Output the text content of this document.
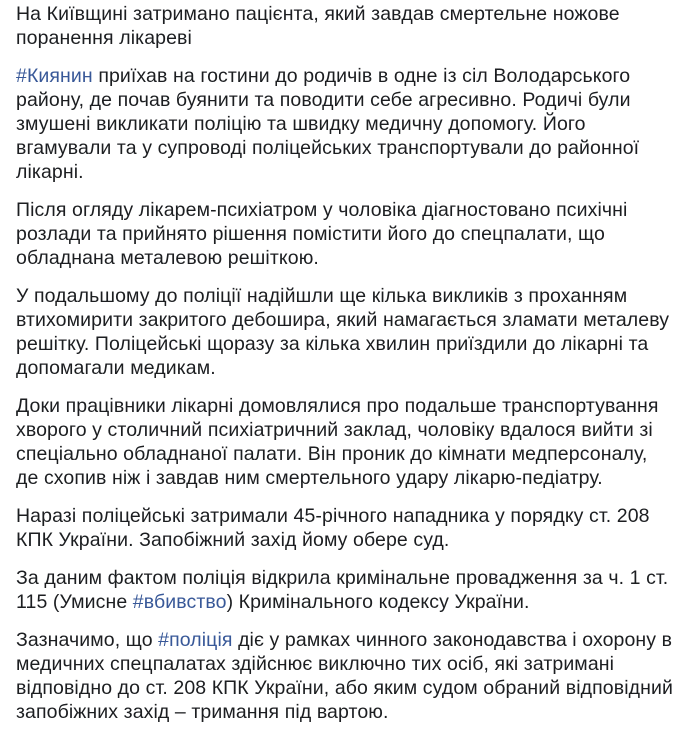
На Київщині затримано пацієнта, який завдав смертельне ножове поранення лікареві

#Киянин приїхав на гостини до родичів в одне із сіл Володарського району, де почав буянити та поводити себе агресивно. Родичі були змушені викликати поліцію та швидку медичну допомогу. Його вгамували та у супроводі поліцейських транспортували до районної лікарні.

Після огляду лікарем-психіатром у чоловіка діагностовано психічні розлади та прийнято рішення помістити його до спецпалати, що обладнана металевою решіткою.

У подальшому до поліції надійшли ще кілька викликів з проханням втихомирити закритого дебошира, який намагається зламати металеву решітку. Поліцейські щоразу за кілька хвилин приїздили до лікарні та допомагали медикам.

Доки працівники лікарні домовлялися про подальше транспортування хворого у столичний психіатричний заклад, чоловіку вдалося вийти зі спеціально обладнаної палати. Він проник до кімнати медперсоналу, де схопив ніж і завдав ним смертельного удару лікарю-педіатру.

Наразі поліцейські затримали 45-річного нападника у порядку ст. 208 КПК України. Запобіжний захід йому обере суд.

За даним фактом поліція відкрила кримінальне провадження за ч. 1 ст. 115 (Умисне #вбивство) Кримінального кодексу України.

Зазначимо, що #поліція діє у рамках чинного законодавства і охорону в медичних спецпалатах здійснює виключно тих осіб, які затримані відповідно до ст. 208 КПК України, або яким судом обраний відповідний запобіжних захід – тримання під вартою.
